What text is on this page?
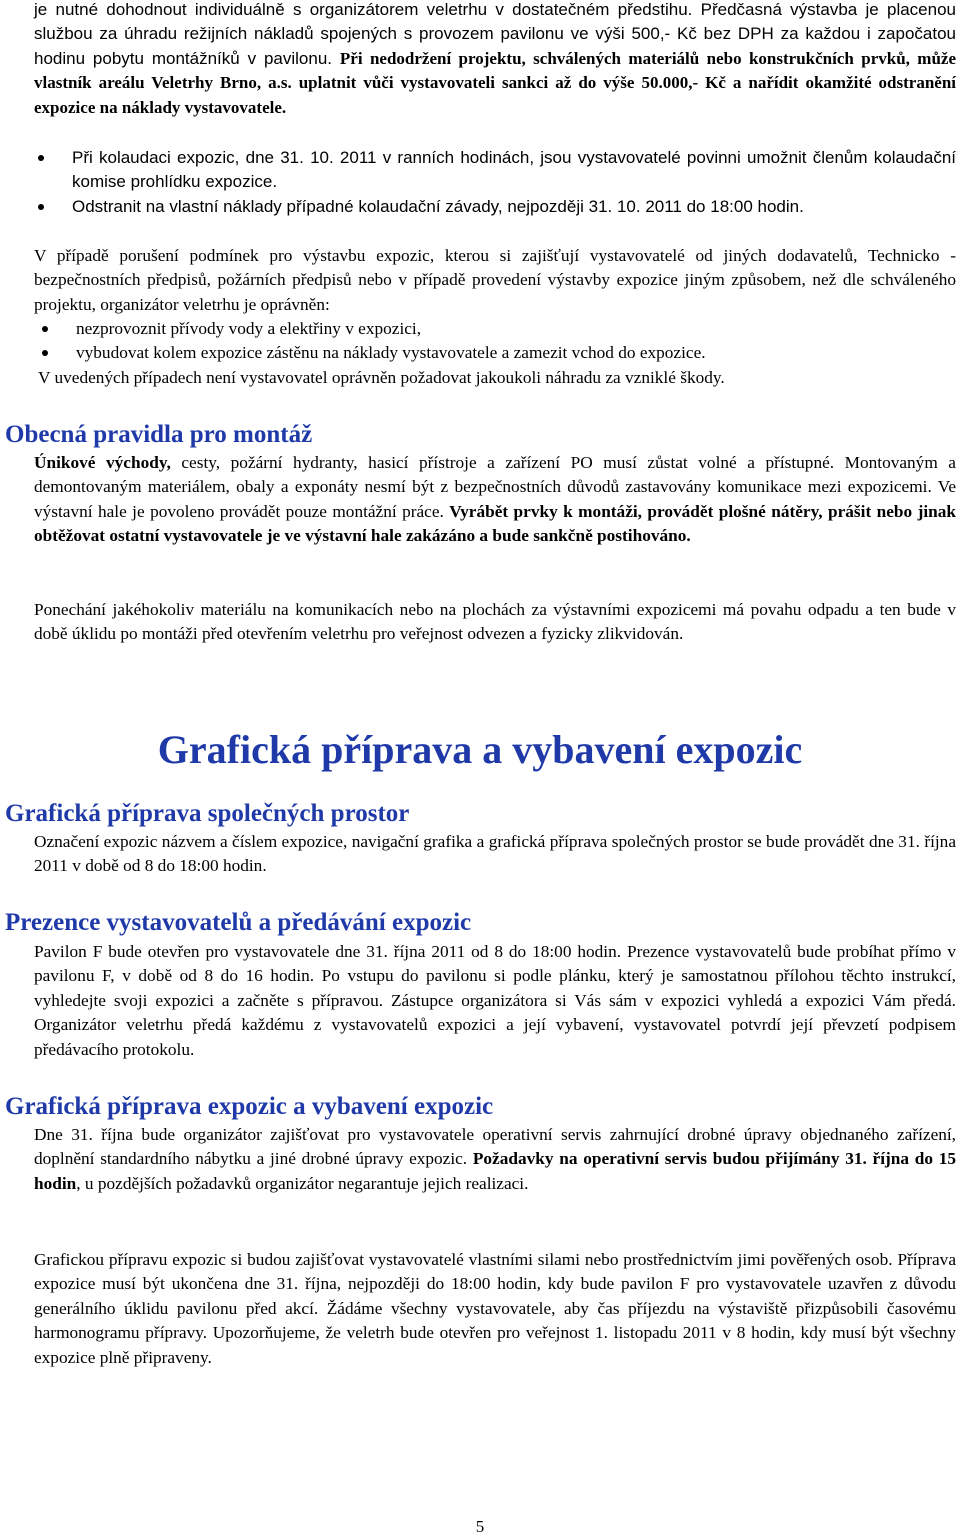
je nutné dohodnout individuálně s organizátorem veletrhu v dostatečném předstihu. Předčasná výstavba je placenou službou za úhradu režijních nákladů spojených s provozem pavilonu ve výši 500,- Kč bez DPH za každou i započatou hodinu pobytu montážníků v pavilonu. Při nedodržení projektu, schválených materiálů nebo konstrukčních prvků, může vlastník areálu Veletrhy Brno, a.s. uplatnit vůči vystavovateli sankci až do výše 50.000,- Kč a nařídit okamžité odstranění expozice na náklady vystavovatele.

Při kolaudaci expozic, dne 31. 10. 2011 v ranních hodinách, jsou vystavovatelé povinni umožnit členům kolaudační komise prohlídku expozice.
Odstranit na vlastní náklady případné kolaudační závady, nejpozději 31. 10. 2011 do 18:00 hodin.

V případě porušení podmínek pro výstavbu expozic, kterou si zajišťují vystavovatelé od jiných dodavatelů, Technicko - bezpečnostních předpisů, požárních předpisů nebo v případě provedení výstavby expozice jiným způsobem, než dle schváleného projektu, organizátor veletrhu je oprávněn:

nezprovoznit přívody vody a elektřiny v expozici,
vybudovat kolem expozice zástěnu na náklady vystavovatele a zamezit vchod do expozice.

V uvedených případech není vystavovatel oprávněn požadovat jakoukoli náhradu za vzniklé škody.

Obecná pravidla pro montáž

Únikové východy, cesty, požární hydranty, hasicí přístroje a zařízení PO musí zůstat volné a přístupné. Montovaným a demontovaným materiálem, obaly a exponáty nesmí být z bezpečnostních důvodů zastavovány komunikace mezi expozicemi. Ve výstavní hale je povoleno provádět pouze montážní práce. Vyrábět prvky k montáži, provádět plošné nátěry, prášit nebo jinak obtěžovat ostatní vystavovatele je ve výstavní hale zakázáno a bude sankčně postihováno.

Ponechání jakéhokoliv materiálu na komunikacích nebo na plochách za výstavními expozicemi má povahu odpadu a ten bude v době úklidu po montáži před otevřením veletrhu pro veřejnost odvezen a fyzicky zlikvidován.

Grafická příprava a vybavení expozic
Grafická příprava společných prostor

Označení expozic názvem a číslem expozice, navigační grafika a grafická příprava společných prostor se bude provádět dne 31. října 2011 v době od 8 do 18:00 hodin.

Prezence vystavovatelů a předávání expozic

Pavilon F bude otevřen pro vystavovatele dne 31. října 2011 od 8 do 18:00 hodin. Prezence vystavovatelů bude probíhat přímo v pavilonu F, v době od 8 do 16 hodin. Po vstupu do pavilonu si podle plánku, který je samostatnou přílohou těchto instrukcí, vyhledejte svoji expozici a začněte s přípravou. Zástupce organizátora si Vás sám v expozici vyhledá a expozici Vám předá. Organizátor veletrhu předá každému z vystavovatelů expozici a její vybavení, vystavovatel potvrdí její převzetí podpisem předávacího protokolu.

Grafická příprava expozic a vybavení expozic

Dne 31. října bude organizátor zajišťovat pro vystavovatele operativní servis zahrnující drobné úpravy objednaného zařízení, doplnění standardního nábytku a jiné drobné úpravy expozic. Požadavky na operativní servis budou přijímány 31. října do 15 hodin, u pozdějších požadavků organizátor negarantuje jejich realizaci.

Grafickou přípravu expozic si budou zajišťovat vystavovatelé vlastními silami nebo prostřednictvím jimi pověřených osob. Příprava expozice musí být ukončena dne 31. října, nejpozději do 18:00 hodin, kdy bude pavilon F pro vystavovatele uzavřen z důvodu generálního úklidu pavilonu před akcí. Žádáme všechny vystavovatele, aby čas příjezdu na výstaviště přizpůsobili časovému harmonogramu přípravy. Upozorňujeme, že veletrh bude otevřen pro veřejnost 1. listopadu 2011 v 8 hodin, kdy musí být všechny expozice plně připraveny.

5
